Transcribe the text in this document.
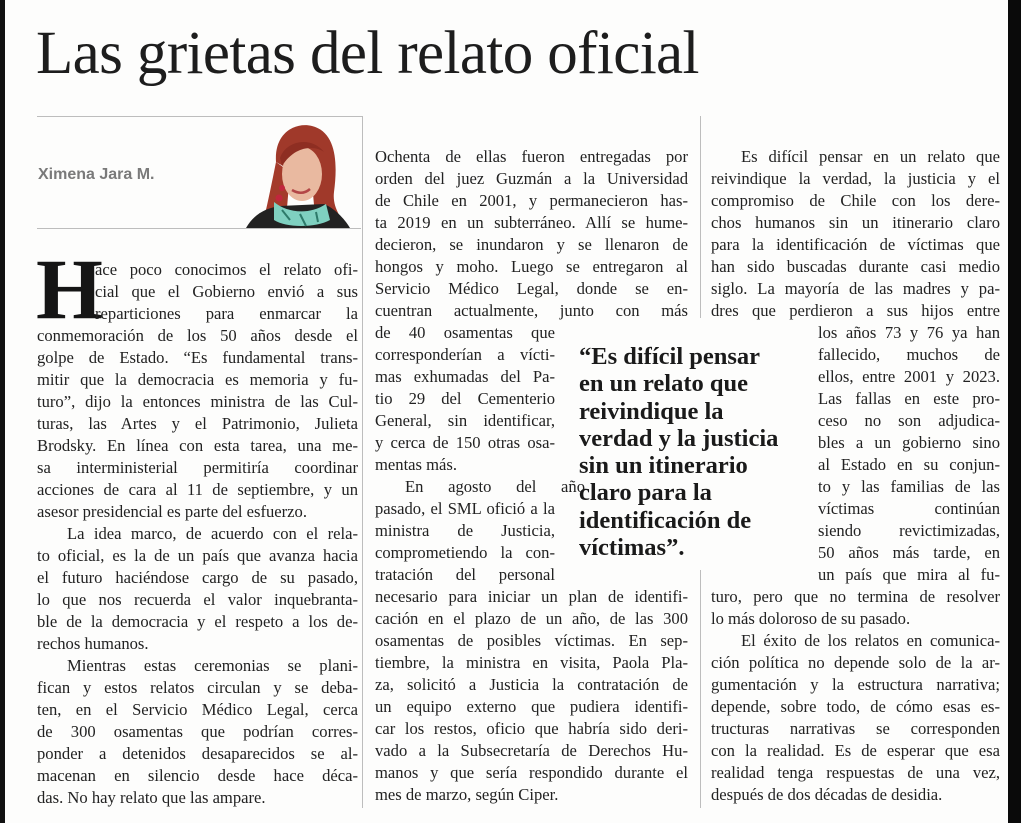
Las grietas del relato oficial
Ximena Jara M.
H
ace poco conocimos el relato ofi-
cial que el Gobierno envió a sus
reparticiones para enmarcar la
conmemoración de los 50 años desde el
golpe de Estado. “Es fundamental trans-
mitir que la democracia es memoria y fu-
turo”, dijo la entonces ministra de las Cul-
turas, las Artes y el Patrimonio, Julieta
Brodsky. En línea con esta tarea, una me-
sa interministerial permitiría coordinar
acciones de cara al 11 de septiembre, y un
asesor presidencial es parte del esfuerzo.
La idea marco, de acuerdo con el rela-
to oficial, es la de un país que avanza hacia
el futuro haciéndose cargo de su pasado,
lo que nos recuerda el valor inquebranta-
ble de la democracia y el respeto a los de-
rechos humanos.
Mientras estas ceremonias se plani-
fican y estos relatos circulan y se deba-
ten, en el Servicio Médico Legal, cerca
de 300 osamentas que podrían corres-
ponder a detenidos desaparecidos se al-
macenan en silencio desde hace déca-
das. No hay relato que las ampare.
Ochenta de ellas fueron entregadas por
orden del juez Guzmán a la Universidad
de Chile en 2001, y permanecieron has-
ta 2019 en un subterráneo. Allí se hume-
decieron, se inundaron y se llenaron de
hongos y moho. Luego se entregaron al
Servicio Médico Legal, donde se en-
cuentran actualmente, junto con más
de 40 osamentas que
corresponderían a vícti-
mas exhumadas del Pa-
tio 29 del Cementerio
General, sin identificar,
y cerca de 150 otras osa-
mentas más.
En agosto del año
pasado, el SML ofició a la
ministra de Justicia,
comprometiendo la con-
tratación del personal
necesario para iniciar un plan de identifi-
cación en el plazo de un año, de las 300
osamentas de posibles víctimas. En sep-
tiembre, la ministra en visita, Paola Pla-
za, solicitó a Justicia la contratación de
un equipo externo que pudiera identifi-
car los restos, oficio que habría sido deri-
vado a la Subsecretaría de Derechos Hu-
manos y que sería respondido durante el
mes de marzo, según Ciper.
Es difícil pensar en un relato que
reivindique la verdad, la justicia y el
compromiso de Chile con los dere-
chos humanos sin un itinerario claro
para la identificación de víctimas que
han sido buscadas durante casi medio
siglo. La mayoría de las madres y pa-
dres que perdieron a sus hijos entre
los años 73 y 76 ya han
fallecido, muchos de
ellos, entre 2001 y 2023.
Las fallas en este pro-
ceso no son adjudica-
bles a un gobierno sino
al Estado en su conjun-
to y las familias de las
víctimas continúan
siendo revictimizadas,
50 años más tarde, en
un país que mira al fu-
turo, pero que no termina de resolver
lo más doloroso de su pasado.
El éxito de los relatos en comunica-
ción política no depende solo de la ar-
gumentación y la estructura narrativa;
depende, sobre todo, de cómo esas es-
tructuras narrativas se corresponden
con la realidad. Es de esperar que esa
realidad tenga respuestas de una vez,
después de dos décadas de desidia.
“Es difícil pensar
en un relato que
reivindique la
verdad y la justicia
sin un itinerario
claro para la
identificación de
víctimas”.
